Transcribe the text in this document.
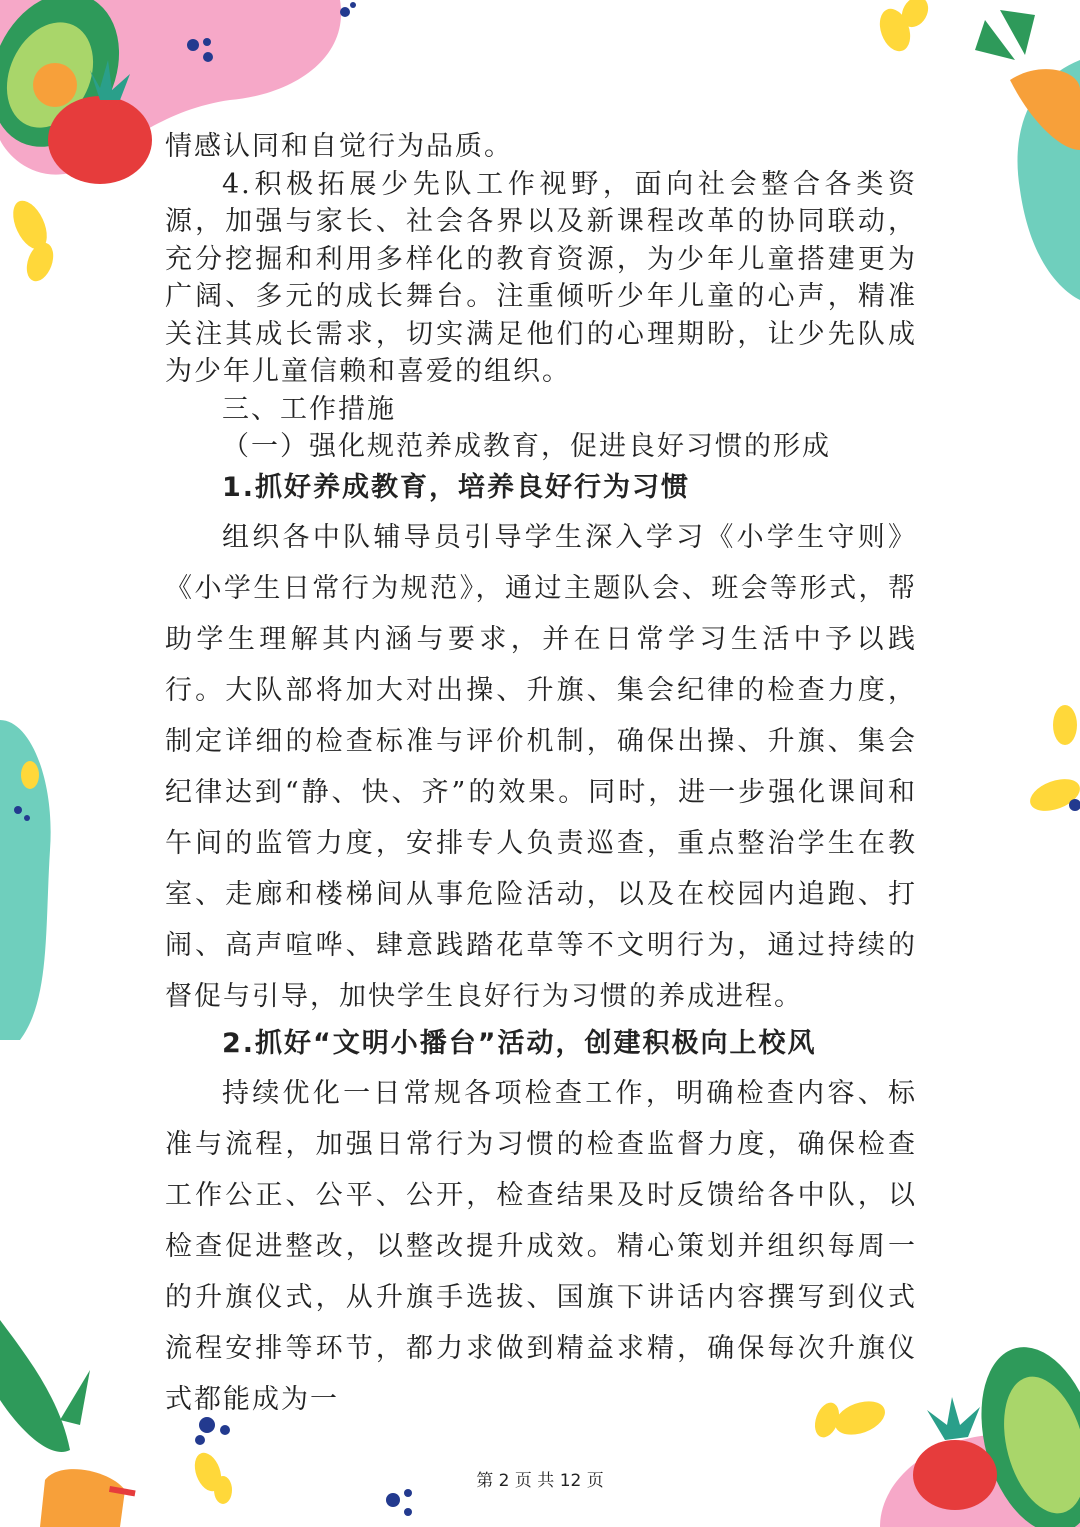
情感认同和自觉行为品质。

4.积极拓展少先队工作视野，面向社会整合各类资源，加强与家长、社会各界以及新课程改革的协同联动，充分挖掘和利用多样化的教育资源，为少年儿童搭建更为广阔、多元的成长舞台。注重倾听少年儿童的心声，精准关注其成长需求，切实满足他们的心理期盼，让少先队成为少年儿童信赖和喜爱的组织。

三、工作措施

（一）强化规范养成教育，促进良好习惯的形成

1.抓好养成教育，培养良好行为习惯

组织各中队辅导员引导学生深入学习《小学生守则》《小学生日常行为规范》，通过主题队会、班会等形式，帮助学生理解其内涵与要求，并在日常学习生活中予以践行。大队部将加大对出操、升旗、集会纪律的检查力度，制定详细的检查标准与评价机制，确保出操、升旗、集会纪律达到“静、快、齐”的效果。同时，进一步强化课间和午间的监管力度，安排专人负责巡查，重点整治学生在教室、走廊和楼梯间从事危险活动，以及在校园内追跑、打闹、高声喧哗、肆意践踏花草等不文明行为，通过持续的督促与引导，加快学生良好行为习惯的养成进程。

2.抓好“文明小播台”活动，创建积极向上校风

持续优化一日常规各项检查工作，明确检查内容、标准与流程，加强日常行为习惯的检查监督力度，确保检查工作公正、公平、公开，检查结果及时反馈给各中队，以检查促进整改，以整改提升成效。精心策划并组织每周一的升旗仪式，从升旗手选拔、国旗下讲话内容撰写到仪式流程安排等环节，都力求做到精益求精，确保每次升旗仪式都能成为一

第 2 页 共 12 页
